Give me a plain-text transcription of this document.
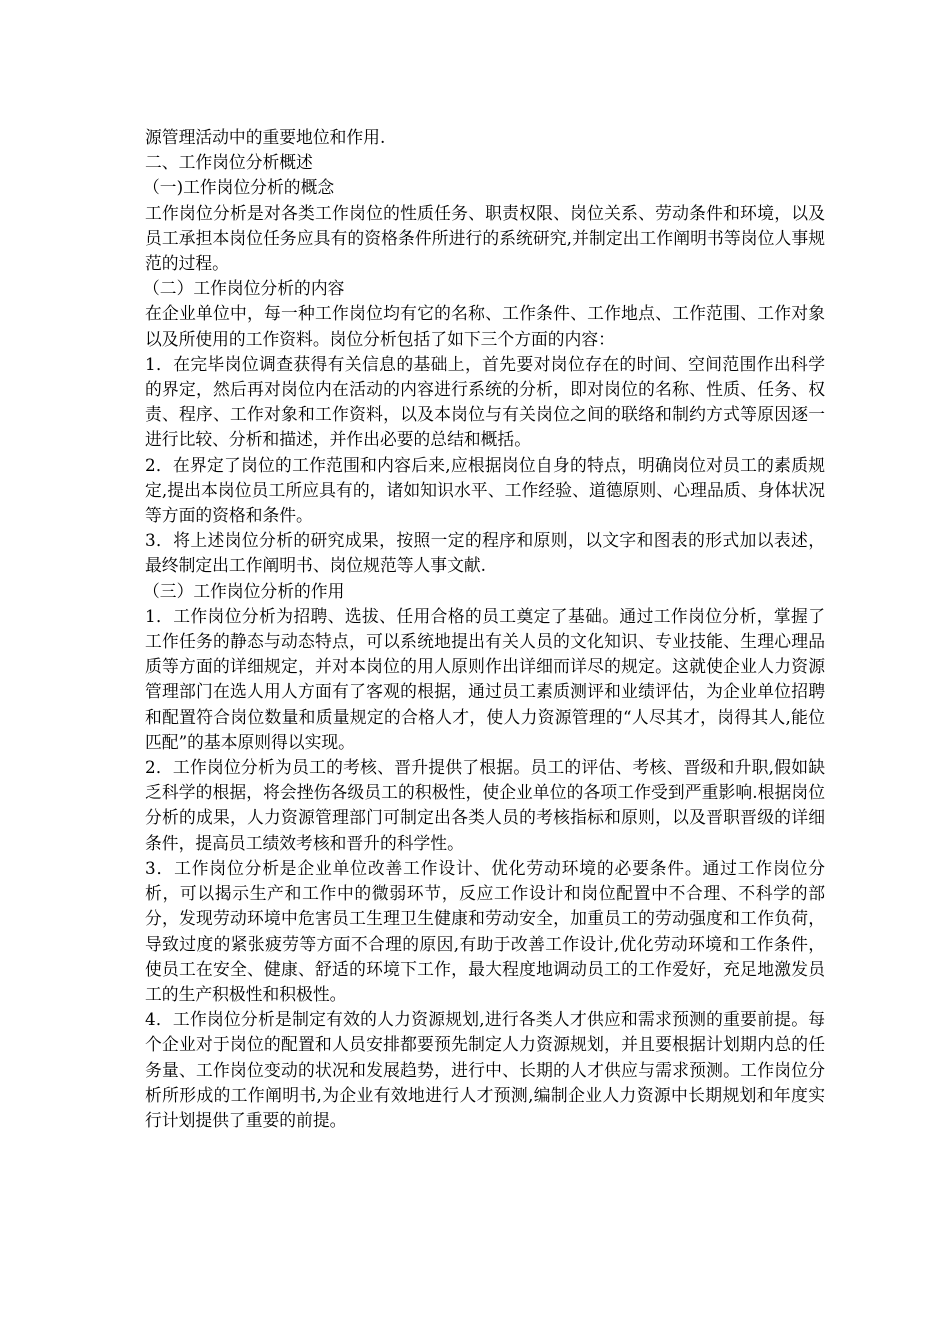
源管理活动中的重要地位和作用.

二、工作岗位分析概述

（一)工作岗位分析的概念

工作岗位分析是对各类工作岗位的性质任务、职责权限、岗位关系、劳动条件和环境，以及员工承担本岗位任务应具有的资格条件所进行的系统研究,并制定出工作阐明书等岗位人事规范的过程。

（二）工作岗位分析的内容

在企业单位中，每一种工作岗位均有它的名称、工作条件、工作地点、工作范围、工作对象以及所使用的工作资料。岗位分析包括了如下三个方面的内容：

1．在完毕岗位调查获得有关信息的基础上，首先要对岗位存在的时间、空间范围作出科学的界定，然后再对岗位内在活动的内容进行系统的分析，即对岗位的名称、性质、任务、权责、程序、工作对象和工作资料，以及本岗位与有关岗位之间的联络和制约方式等原因逐一进行比较、分析和描述，并作出必要的总结和概括。

2．在界定了岗位的工作范围和内容后来,应根据岗位自身的特点，明确岗位对员工的素质规定,提出本岗位员工所应具有的，诸如知识水平、工作经验、道德原则、心理品质、身体状况等方面的资格和条件。

3．将上述岗位分析的研究成果，按照一定的程序和原则，以文字和图表的形式加以表述，最终制定出工作阐明书、岗位规范等人事文献.

（三）工作岗位分析的作用

1．工作岗位分析为招聘、选拔、任用合格的员工奠定了基础。通过工作岗位分析，掌握了工作任务的静态与动态特点，可以系统地提出有关人员的文化知识、专业技能、生理心理品质等方面的详细规定，并对本岗位的用人原则作出详细而详尽的规定。这就使企业人力资源管理部门在选人用人方面有了客观的根据，通过员工素质测评和业绩评估，为企业单位招聘和配置符合岗位数量和质量规定的合格人才，使人力资源管理的“人尽其才，岗得其人,能位匹配”的基本原则得以实现。

2．工作岗位分析为员工的考核、晋升提供了根据。员工的评估、考核、晋级和升职,假如缺乏科学的根据，将会挫伤各级员工的积极性，使企业单位的各项工作受到严重影响.根据岗位分析的成果，人力资源管理部门可制定出各类人员的考核指标和原则，以及晋职晋级的详细条件，提高员工绩效考核和晋升的科学性。

3．工作岗位分析是企业单位改善工作设计、优化劳动环境的必要条件。通过工作岗位分析，可以揭示生产和工作中的微弱环节，反应工作设计和岗位配置中不合理、不科学的部分，发现劳动环境中危害员工生理卫生健康和劳动安全，加重员工的劳动强度和工作负荷，导致过度的紧张疲劳等方面不合理的原因,有助于改善工作设计,优化劳动环境和工作条件，使员工在安全、健康、舒适的环境下工作，最大程度地调动员工的工作爱好，充足地激发员工的生产积极性和积极性。

4．工作岗位分析是制定有效的人力资源规划,进行各类人才供应和需求预测的重要前提。每个企业对于岗位的配置和人员安排都要预先制定人力资源规划，并且要根据计划期内总的任务量、工作岗位变动的状况和发展趋势，进行中、长期的人才供应与需求预测。工作岗位分析所形成的工作阐明书,为企业有效地进行人才预测,编制企业人力资源中长期规划和年度实行计划提供了重要的前提。
